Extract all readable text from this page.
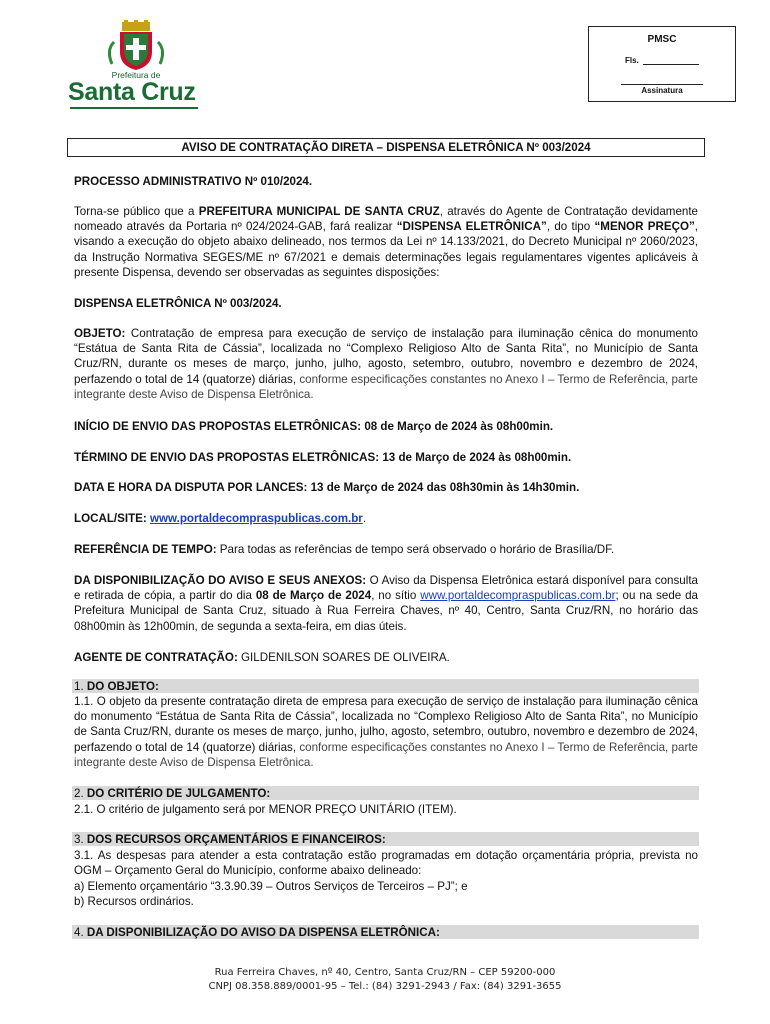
Prefeitura de
Santa Cruz
PMSC
Fls.
Assinatura
AVISO DE CONTRATAÇÃO DIRETA – DISPENSA ELETRÔNICA Nº 003/2024

PROCESSO ADMINISTRATIVO Nº 010/2024.

Torna-se público que a PREFEITURA MUNICIPAL DE SANTA CRUZ, através do Agente de Contratação devidamente nomeado através da Portaria nº 024/2024-GAB, fará realizar “DISPENSA ELETRÔNICA”, do tipo “MENOR PREÇO”, visando a execução do objeto abaixo delineado, nos termos da Lei nº 14.133/2021, do Decreto Municipal nº 2060/2023, da Instrução Normativa SEGES/ME nº 67/2021 e demais determinações legais regulamentares vigentes aplicáveis à presente Dispensa, devendo ser observadas as seguintes disposições:

DISPENSA ELETRÔNICA Nº 003/2024.

OBJETO: Contratação de empresa para execução de serviço de instalação para iluminação cênica do monumento “Estátua de Santa Rita de Cássia”, localizada no “Complexo Religioso Alto de Santa Rita”, no Município de Santa Cruz/RN, durante os meses de março, junho, julho, agosto, setembro, outubro, novembro e dezembro de 2024, perfazendo o total de 14 (quatorze) diárias, conforme especificações constantes no Anexo I – Termo de Referência, parte integrante deste Aviso de Dispensa Eletrônica.

INÍCIO DE ENVIO DAS PROPOSTAS ELETRÔNICAS: 08 de Março de 2024 às 08h00min.

TÉRMINO DE ENVIO DAS PROPOSTAS ELETRÔNICAS: 13 de Março de 2024 às 08h00min.

DATA E HORA DA DISPUTA POR LANCES: 13 de Março de 2024 das 08h30min às 14h30min.

LOCAL/SITE: www.portaldecompraspublicas.com.br.

REFERÊNCIA DE TEMPO: Para todas as referências de tempo será observado o horário de Brasília/DF.

DA DISPONIBILIZAÇÃO DO AVISO E SEUS ANEXOS: O Aviso da Dispensa Eletrônica estará disponível para consulta e retirada de cópia, a partir do dia 08 de Março de 2024, no sítio www.portaldecompraspublicas.com.br; ou na sede da Prefeitura Municipal de Santa Cruz, situado à Rua Ferreira Chaves, nº 40, Centro, Santa Cruz/RN, no horário das 08h00min às 12h00min, de segunda a sexta-feira, em dias úteis.

AGENTE DE CONTRATAÇÃO: GILDENILSON SOARES DE OLIVEIRA.

1. DO OBJETO:

1.1. O objeto da presente contratação direta de empresa para execução de serviço de instalação para iluminação cênica do monumento “Estátua de Santa Rita de Cássia”, localizada no “Complexo Religioso Alto de Santa Rita”, no Município de Santa Cruz/RN, durante os meses de março, junho, julho, agosto, setembro, outubro, novembro e dezembro de 2024, perfazendo o total de 14 (quatorze) diárias, conforme especificações constantes no Anexo I – Termo de Referência, parte integrante deste Aviso de Dispensa Eletrônica.

2. DO CRITÉRIO DE JULGAMENTO:

2.1. O critério de julgamento será por MENOR PREÇO UNITÁRIO (ITEM).

3. DOS RECURSOS ORÇAMENTÁRIOS E FINANCEIROS:

3.1. As despesas para atender a esta contratação estão programadas em dotação orçamentária própria, prevista no OGM – Orçamento Geral do Município, conforme abaixo delineado:

a) Elemento orçamentário “3.3.90.39 – Outros Serviços de Terceiros – PJ”; e

b) Recursos ordinários.

4. DA DISPONIBILIZAÇÃO DO AVISO DA DISPENSA ELETRÔNICA:
Rua Ferreira Chaves, nº 40, Centro, Santa Cruz/RN – CEP 59200-000
CNPJ 08.358.889/0001-95 – Tel.: (84) 3291-2943 / Fax: (84) 3291-3655
